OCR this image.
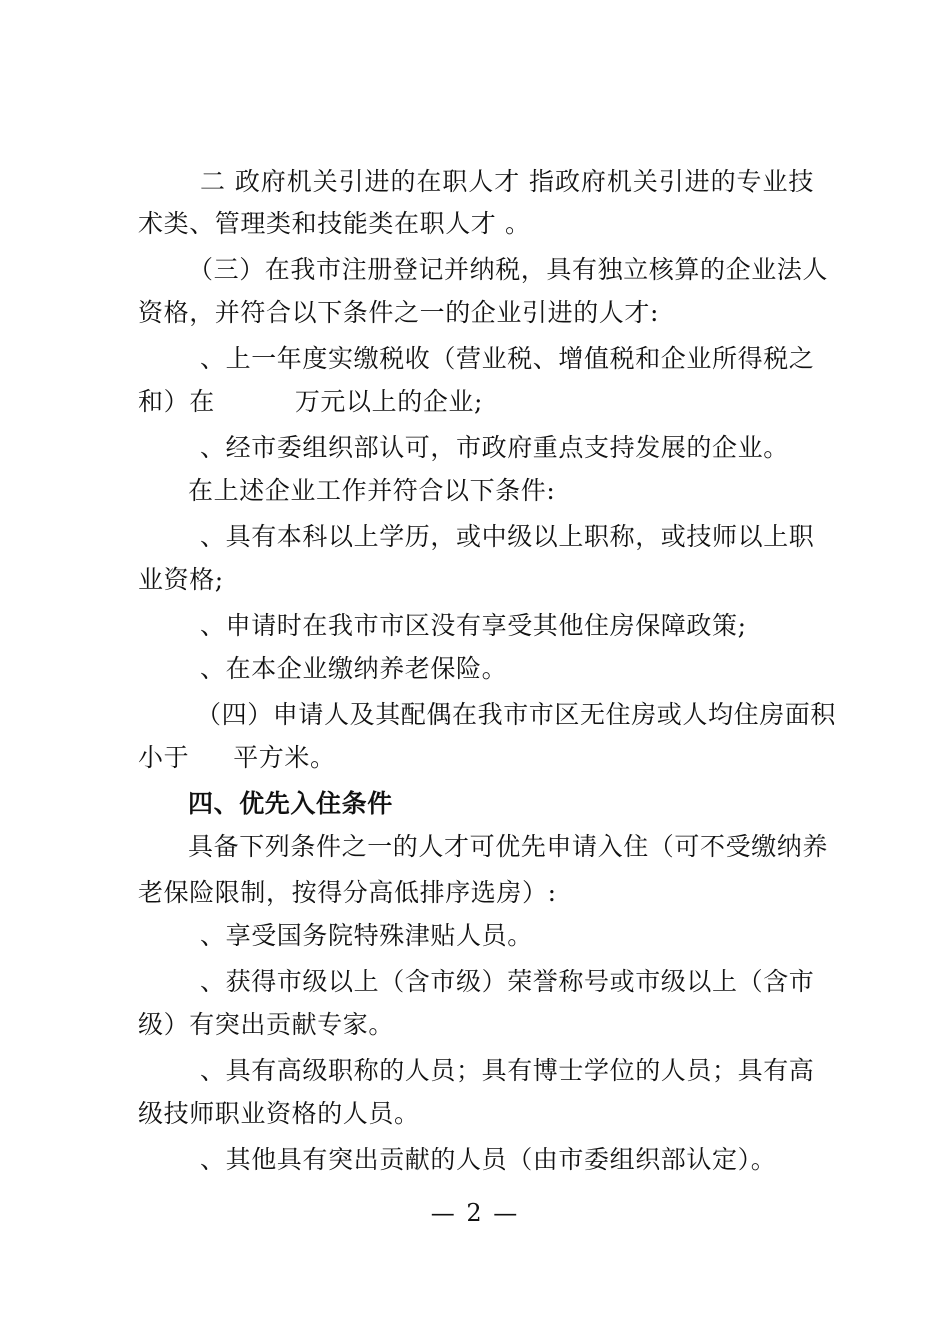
二 政府机关引进的在职人才 指政府机关引进的专业技
术类、管理类和技能类在职人才 。
（三）在我市注册登记并纳税，具有独立核算的企业法人
资格，并符合以下条件之一的企业引进的人才:
、上一年度实缴税收（营业税、增值税和企业所得税之
和）在	万元以上的企业;
、经市委组织部认可，市政府重点支持发展的企业。
在上述企业工作并符合以下条件:
、具有本科以上学历，或中级以上职称，或技师以上职
业资格;
、申请时在我市市区没有享受其他住房保障政策;
、在本企业缴纳养老保险。
（四）申请人及其配偶在我市市区无住房或人均住房面积
小于 平方米。
四、优先入住条件
具备下列条件之一的人才可优先申请入住（可不受缴纳养
老保险限制，按得分高低排序选房）:
、享受国务院特殊津贴人员。
、获得市级以上（含市级）荣誉称号或市级以上（含市
级）有突出贡献专家。
、具有高级职称的人员；具有博士学位的人员；具有高
级技师职业资格的人员。
、其他具有突出贡献的人员（由市委组织部认定）。
— 2 —
